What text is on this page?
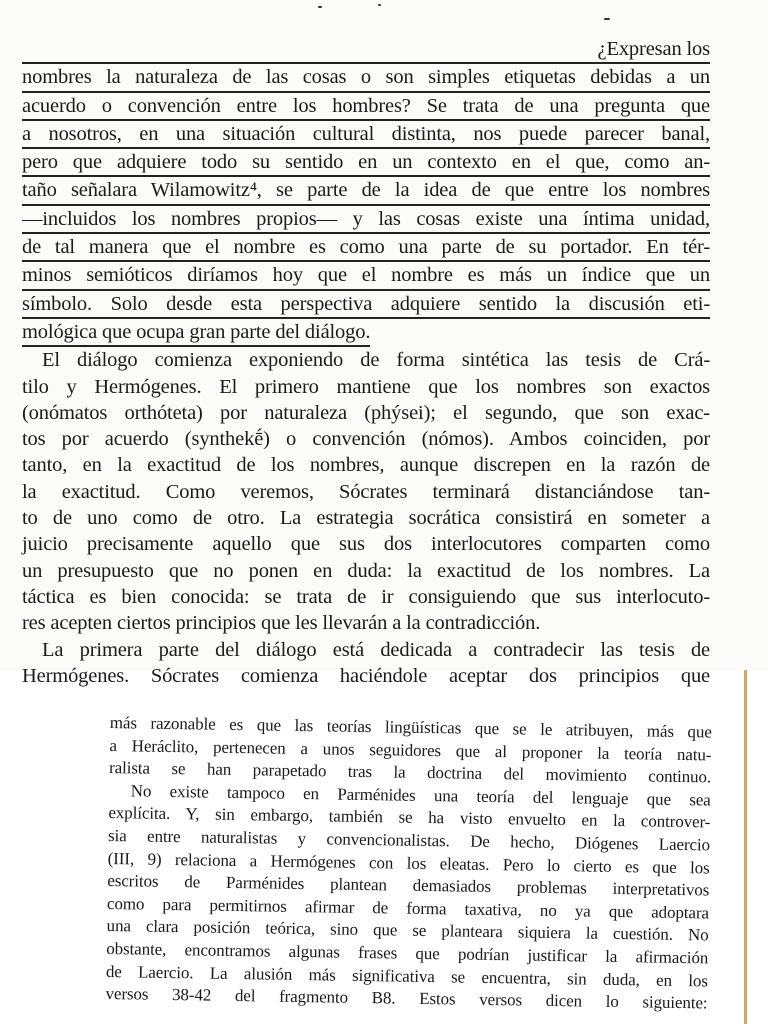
¿Expresan los
nombres la naturaleza de las cosas o son simples etiquetas debidas a un
acuerdo o convención entre los hombres? Se trata de una pregunta que
a nosotros, en una situación cultural distinta, nos puede parecer banal,
pero que adquiere todo su sentido en un contexto en el que, como an-
taño señalara Wilamowitz⁴, se parte de la idea de que entre los nombres
—incluidos los nombres propios— y las cosas existe una íntima unidad,
de tal manera que el nombre es como una parte de su portador. En tér-
minos semióticos diríamos hoy que el nombre es más un índice que un
símbolo. Solo desde esta perspectiva adquiere sentido la discusión eti-
mológica que ocupa gran parte del diálogo.
El diálogo comienza exponiendo de forma sintética las tesis de Crá-
tilo y Hermógenes. El primero mantiene que los nombres son exactos
(onómatos orthóteta) por naturaleza (phýsei); el segundo, que son exac-
tos por acuerdo (synthekḗ) o convención (nómos). Ambos coinciden, por
tanto, en la exactitud de los nombres, aunque discrepen en la razón de
la exactitud. Como veremos, Sócrates terminará distanciándose tan-
to de uno como de otro. La estrategia socrática consistirá en someter a
juicio precisamente aquello que sus dos interlocutores comparten como
un presupuesto que no ponen en duda: la exactitud de los nombres. La
táctica es bien conocida: se trata de ir consiguiendo que sus interlocuto-
res acepten ciertos principios que les llevarán a la contradicción.
La primera parte del diálogo está dedicada a contradecir las tesis de
Hermógenes. Sócrates comienza haciéndole aceptar dos principios que
más razonable es que las teorías lingüísticas que se le atribuyen, más que
a Heráclito, pertenecen a unos seguidores que al proponer la teoría natu-
ralista se han parapetado tras la doctrina del movimiento continuo.
No existe tampoco en Parménides una teoría del lenguaje que sea
explícita. Y, sin embargo, también se ha visto envuelto en la controver-
sia entre naturalistas y convencionalistas. De hecho, Diógenes Laercio
(III, 9) relaciona a Hermógenes con los eleatas. Pero lo cierto es que los
escritos de Parménides plantean demasiados problemas interpretativos
como para permitirnos afirmar de forma taxativa, no ya que adoptara
una clara posición teórica, sino que se planteara siquiera la cuestión. No
obstante, encontramos algunas frases que podrían justificar la afirmación
de Laercio. La alusión más significativa se encuentra, sin duda, en los
versos 38-42 del fragmento B8. Estos versos dicen lo siguiente:
